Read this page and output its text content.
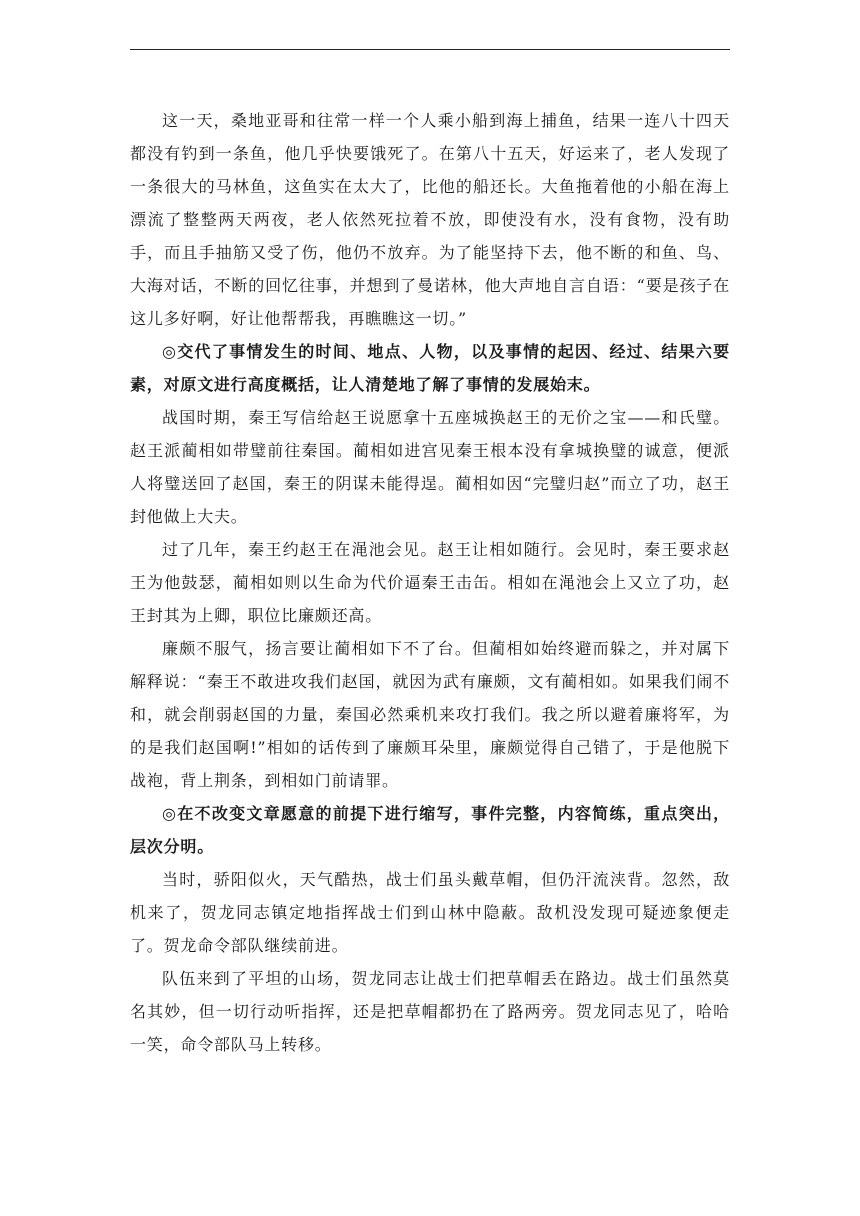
这一天，桑地亚哥和往常一样一个人乘小船到海上捕鱼，结果一连八十四天都没有钓到一条鱼，他几乎快要饿死了。在第八十五天，好运来了，老人发现了一条很大的马林鱼，这鱼实在太大了，比他的船还长。大鱼拖着他的小船在海上漂流了整整两天两夜，老人依然死拉着不放，即使没有水，没有食物，没有助手，而且手抽筋又受了伤，他仍不放弃。为了能坚持下去，他不断的和鱼、鸟、大海对话，不断的回忆往事，并想到了曼诺林，他大声地自言自语：“要是孩子在这儿多好啊，好让他帮帮我，再瞧瞧这一切。”

◎交代了事情发生的时间、地点、人物，以及事情的起因、经过、结果六要素，对原文进行高度概括，让人清楚地了解了事情的发展始末。

战国时期，秦王写信给赵王说愿拿十五座城换赵王的无价之宝——和氏璧。赵王派蔺相如带璧前往秦国。蔺相如进宫见秦王根本没有拿城换璧的诚意，便派人将璧送回了赵国，秦王的阴谋未能得逞。蔺相如因“完璧归赵”而立了功，赵王封他做上大夫。

过了几年，秦王约赵王在渑池会见。赵王让相如随行。会见时，秦王要求赵王为他鼓瑟，蔺相如则以生命为代价逼秦王击缶。相如在渑池会上又立了功，赵王封其为上卿，职位比廉颇还高。

廉颇不服气，扬言要让蔺相如下不了台。但蔺相如始终避而躲之，并对属下解释说：“秦王不敢进攻我们赵国，就因为武有廉颇，文有蔺相如。如果我们闹不和，就会削弱赵国的力量，秦国必然乘机来攻打我们。我之所以避着廉将军，为的是我们赵国啊!”相如的话传到了廉颇耳朵里，廉颇觉得自己错了，于是他脱下战袍，背上荆条，到相如门前请罪。

◎在不改变文章愿意的前提下进行缩写，事件完整，内容简练，重点突出，层次分明。

当时，骄阳似火，天气酷热，战士们虽头戴草帽，但仍汗流浃背。忽然，敌机来了，贺龙同志镇定地指挥战士们到山林中隐蔽。敌机没发现可疑迹象便走了。贺龙命令部队继续前进。

队伍来到了平坦的山场，贺龙同志让战士们把草帽丢在路边。战士们虽然莫名其妙，但一切行动听指挥，还是把草帽都扔在了路两旁。贺龙同志见了，哈哈一笑，命令部队马上转移。
